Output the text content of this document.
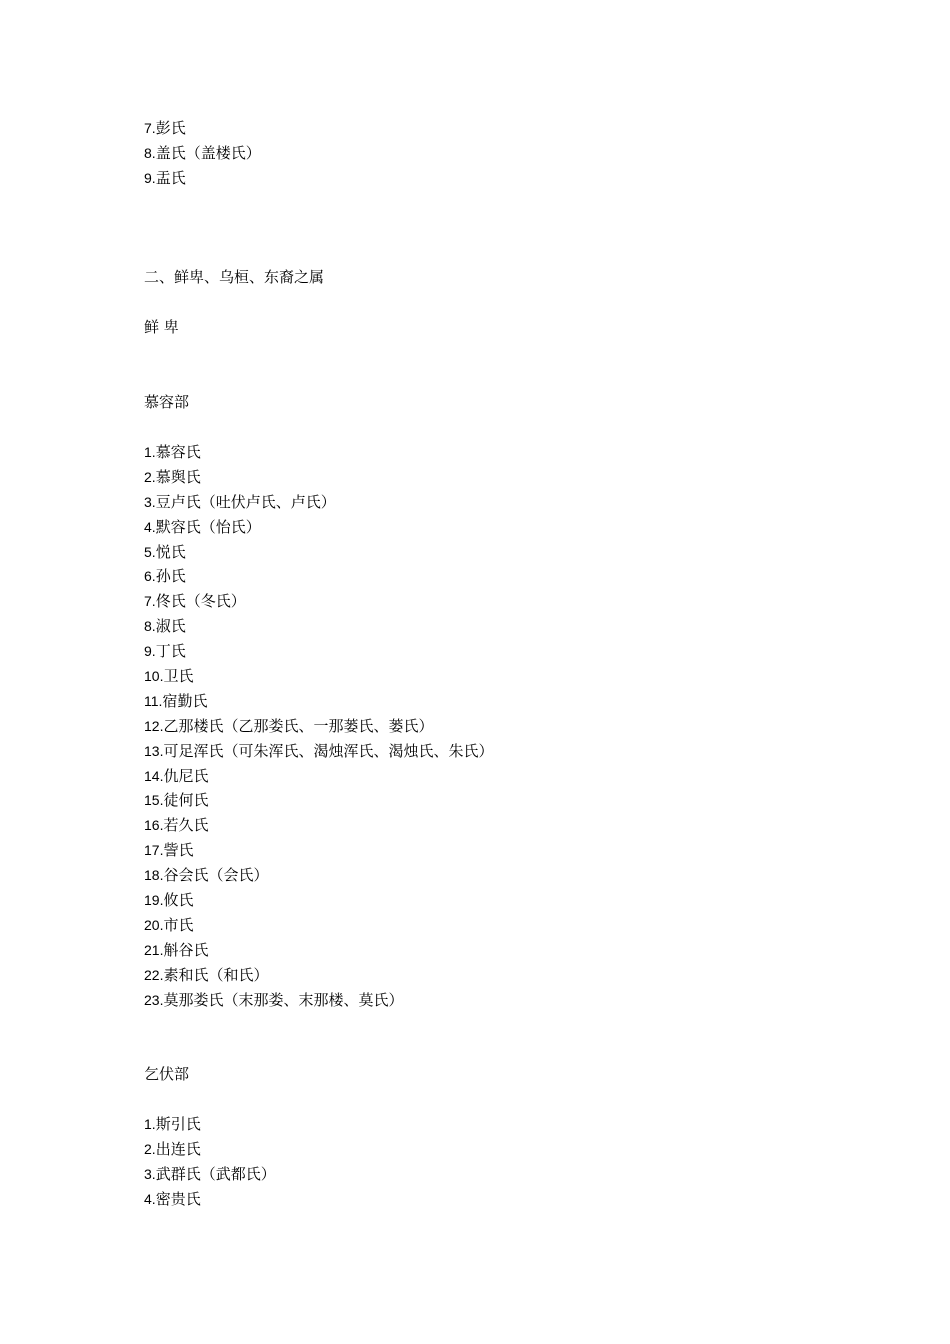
7.彭氏
8.盖氏（盖楼氏）
9.盂氏
二、鲜卑、乌桓、东裔之属
鲜 卑
慕容部
1.慕容氏
2.慕舆氏
3.豆卢氏（吐伏卢氏、卢氏）
4.默容氏（怡氏）
5.悦氏
6.孙氏
7.佟氏（冬氏）
8.淑氏
9.丁氏
10.卫氏
11.宿勤氏
12.乙那楼氏（乙那娄氏、一那蒌氏、蒌氏）
13.可足浑氏（可朱浑氏、渴烛浑氏、渴烛氏、朱氏）
14.仇尼氏
15.徒何氏
16.若久氏
17.訾氏
18.谷会氏（会氏）
19.攸氏
20.市氏
21.斛谷氏
22.素和氏（和氏）
23.莫那娄氏（末那娄、末那楼、莫氏）
乞伏部
1.斯引氏
2.出连氏
3.武群氏（武都氏）
4.密贵氏
